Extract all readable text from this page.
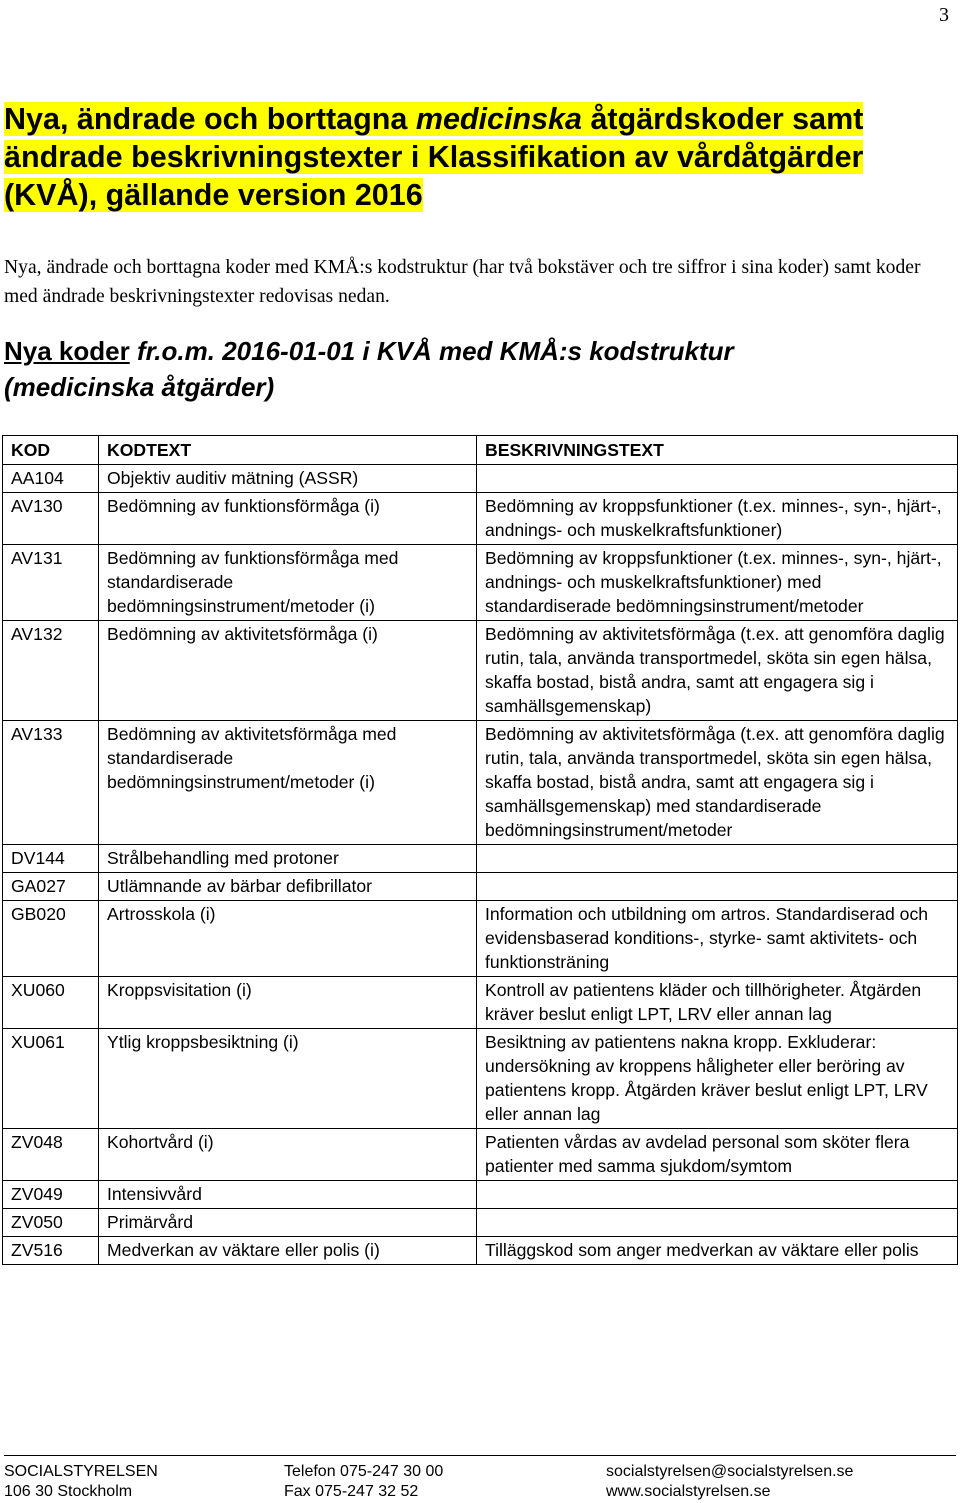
3
Nya, ändrade och borttagna medicinska åtgärdskoder samt
ändrade beskrivningstexter i Klassifikation av vårdåtgärder
(KVÅ), gällande version 2016

Nya, ändrade och borttagna koder med KMÅ:s kodstruktur (har två bokstäver och tre siffror i sina koder) samt koder med ändrade beskrivningstexter redovisas nedan.

Nya koder fr.o.m. 2016-01-01 i KVÅ med KMÅ:s kodstruktur
(medicinska åtgärder)
KOD	KODTEXT	BESKRIVNINGSTEXT
AA104	Objektiv auditiv mätning (ASSR)	
AV130	Bedömning av funktionsförmåga (i)	Bedömning av kroppsfunktioner (t.ex. minnes-, syn-, hjärt-, andnings- och muskelkraftsfunktioner)
AV131	Bedömning av funktionsförmåga med standardiserade bedömningsinstrument/metoder (i)	Bedömning av kroppsfunktioner (t.ex. minnes-, syn-, hjärt-, andnings- och muskelkraftsfunktioner) med standardiserade bedömningsinstrument/metoder
AV132	Bedömning av aktivitetsförmåga (i)	Bedömning av aktivitetsförmåga (t.ex. att genomföra daglig rutin, tala, använda transportmedel, sköta sin egen hälsa, skaffa bostad, bistå andra, samt att engagera sig i samhällsgemenskap)
AV133	Bedömning av aktivitetsförmåga med standardiserade bedömningsinstrument/metoder (i)	Bedömning av aktivitetsförmåga (t.ex. att genomföra daglig rutin, tala, använda transportmedel, sköta sin egen hälsa, skaffa bostad, bistå andra, samt att engagera sig i samhällsgemenskap) med standardiserade bedömningsinstrument/metoder
DV144	Strålbehandling med protoner	
GA027	Utlämnande av bärbar defibrillator	
GB020	Artrosskola (i)	Information och utbildning om artros. Standardiserad och evidensbaserad konditions-, styrke- samt aktivitets- och funktionsträning
XU060	Kroppsvisitation (i)	Kontroll av patientens kläder och tillhörigheter. Åtgärden kräver beslut enligt LPT, LRV eller annan lag
XU061	Ytlig kroppsbesiktning (i)	Besiktning av patientens nakna kropp. Exkluderar: undersökning av kroppens håligheter eller beröring av patientens kropp. Åtgärden kräver beslut enligt LPT, LRV eller annan lag
ZV048	Kohortvård (i)	Patienten vårdas av avdelad personal som sköter flera patienter med samma sjukdom/symtom
ZV049	Intensivvård	
ZV050	Primärvård	
ZV516	Medverkan av väktare eller polis (i)	Tilläggskod som anger medverkan av väktare eller polis
SOCIALSTYRELSEN
106 30 Stockholm
Telefon 075-247 30 00
Fax 075-247 32 52
socialstyrelsen@socialstyrelsen.se
www.socialstyrelsen.se
